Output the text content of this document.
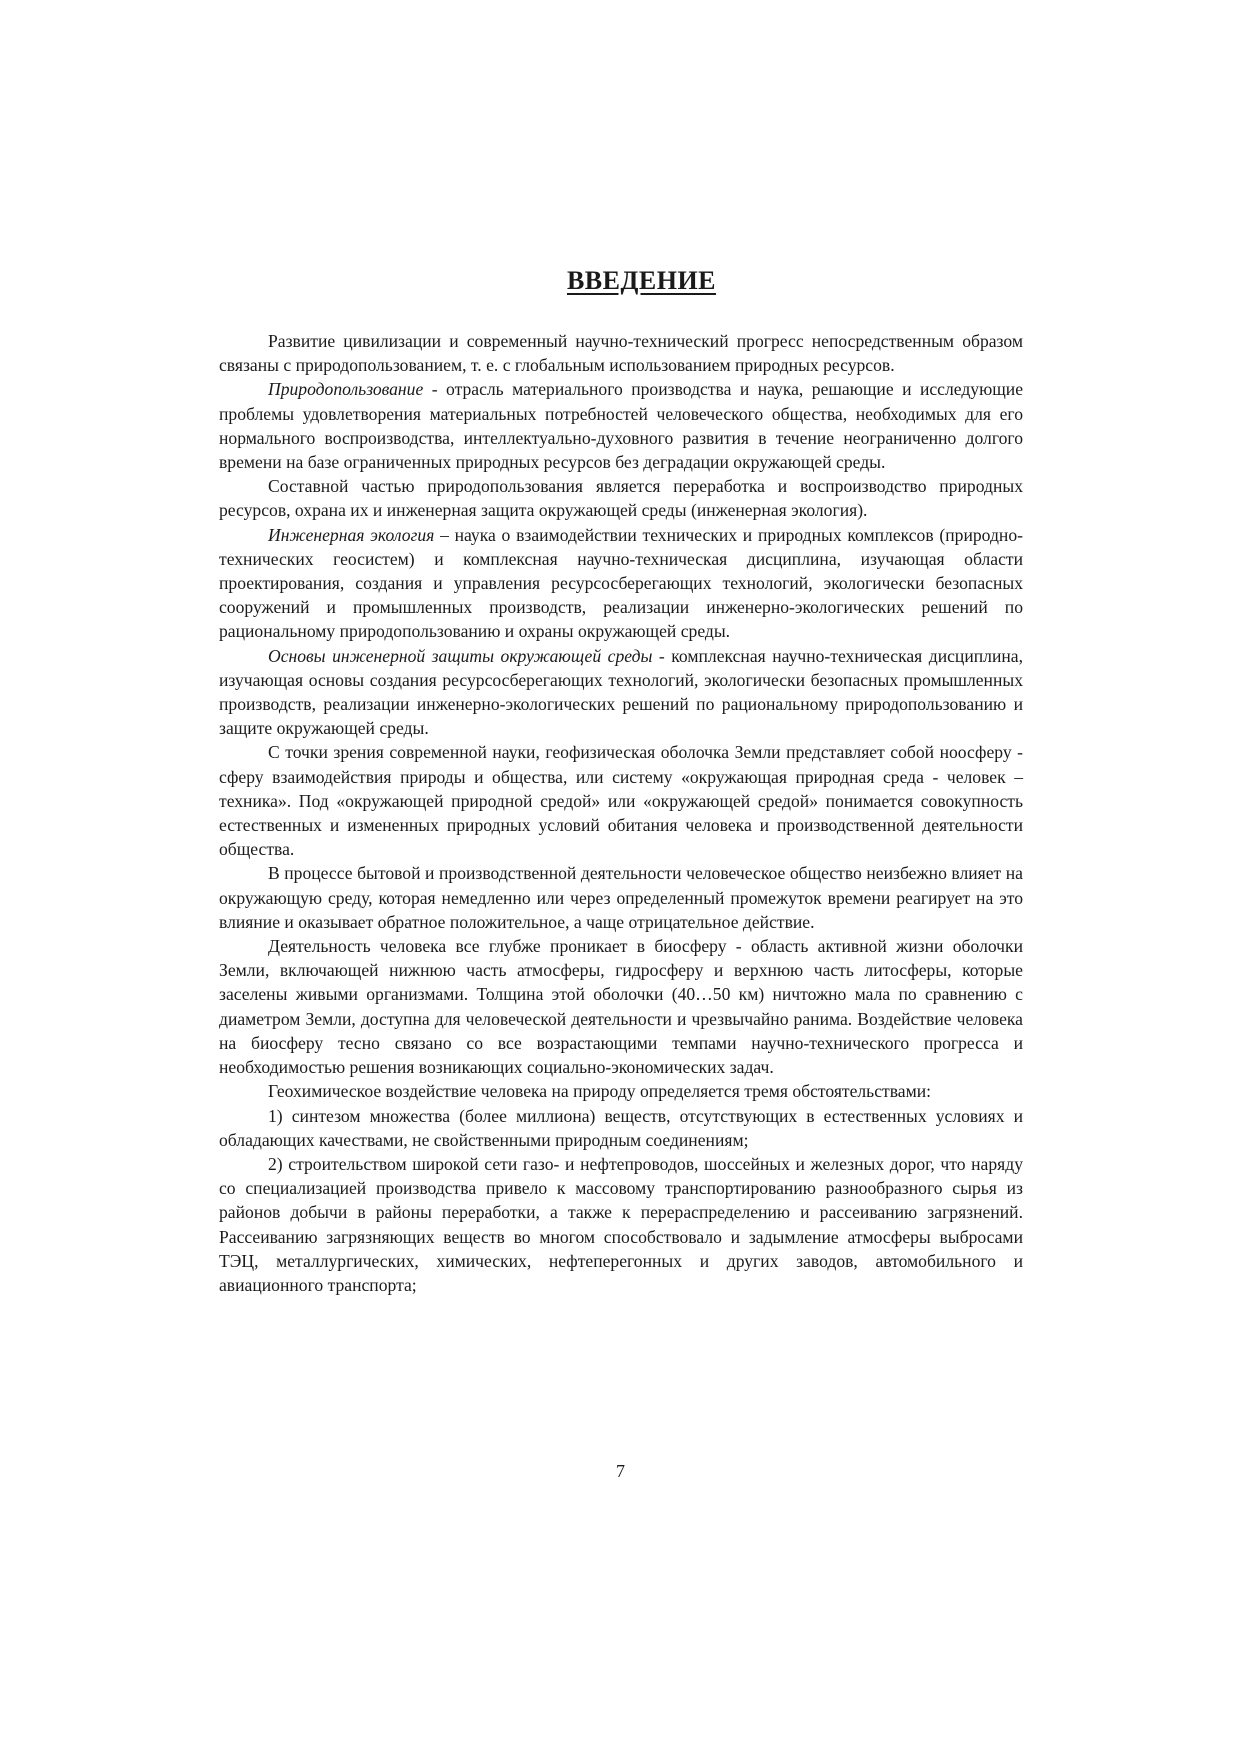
ВВЕДЕНИЕ

Развитие цивилизации и современный научно-технический прогресс непосредственным образом связаны с природопользованием, т. е. с глобальным использованием природных ресурсов.

Природопользование - отрасль материального производства и наука, решающие и исследующие проблемы удовлетворения материальных потребностей человеческого общества, необходимых для его нормального воспроизводства, интеллектуально-духовного развития в течение неограниченно долгого времени на базе ограниченных природных ресурсов без деградации окружающей среды.

Составной частью природопользования является переработка и воспроизводство природных ресурсов, охрана их и инженерная защита окружающей среды (инженерная экология).

Инженерная экология – наука о взаимодействии технических и природных комплексов (природно-технических геосистем) и комплексная научно-техническая дисциплина, изучающая области проектирования, создания и управления ресурсосберегающих технологий, экологически безопасных сооружений и промышленных производств, реализации инженерно-экологических решений по рациональному природопользованию и охраны окружающей среды.

Основы инженерной защиты окружающей среды - комплексная научно-техническая дисциплина, изучающая основы создания ресурсосберегающих технологий, экологически безопасных промышленных производств, реализации инженерно-экологических решений по рациональному природопользованию и защите окружающей среды.

С точки зрения современной науки, геофизическая оболочка Земли представляет собой ноосферу - сферу взаимодействия природы и общества, или систему «окружающая природная среда - человек – техника». Под «окружающей природной средой» или «окружающей средой» понимается совокупность естественных и измененных природных условий обитания человека и производственной деятельности общества.

В процессе бытовой и производственной деятельности человеческое общество неизбежно влияет на окружающую среду, которая немедленно или через определенный промежуток времени реагирует на это влияние и оказывает обратное положительное, а чаще отрицательное действие.

Деятельность человека все глубже проникает в биосферу - область активной жизни оболочки Земли, включающей нижнюю часть атмосферы, гидросферу и верхнюю часть литосферы, которые заселены живыми организмами. Толщина этой оболочки (40…50 км) ничтожно мала по сравнению с диаметром Земли, доступна для человеческой деятельности и чрезвычайно ранима. Воздействие человека на биосферу тесно связано со все возрастающими темпами научно-технического прогресса и необходимостью решения возникающих социально-экономических задач.

Геохимическое воздействие человека на природу определяется тремя обстоятельствами:

1) синтезом множества (более миллиона) веществ, отсутствующих в естественных условиях и обладающих качествами, не свойственными природным соединениям;

2) строительством широкой сети газо- и нефтепроводов, шоссейных и железных дорог, что наряду со специализацией производства привело к массовому транспортированию разнообразного сырья из районов добычи в районы переработки, а также к перераспределению и рассеиванию загрязнений. Рассеиванию загрязняющих веществ во многом способствовало и задымление атмосферы выбросами ТЭЦ, металлургических, химических, нефтеперегонных и других заводов, автомобильного и авиационного транспорта;

7
